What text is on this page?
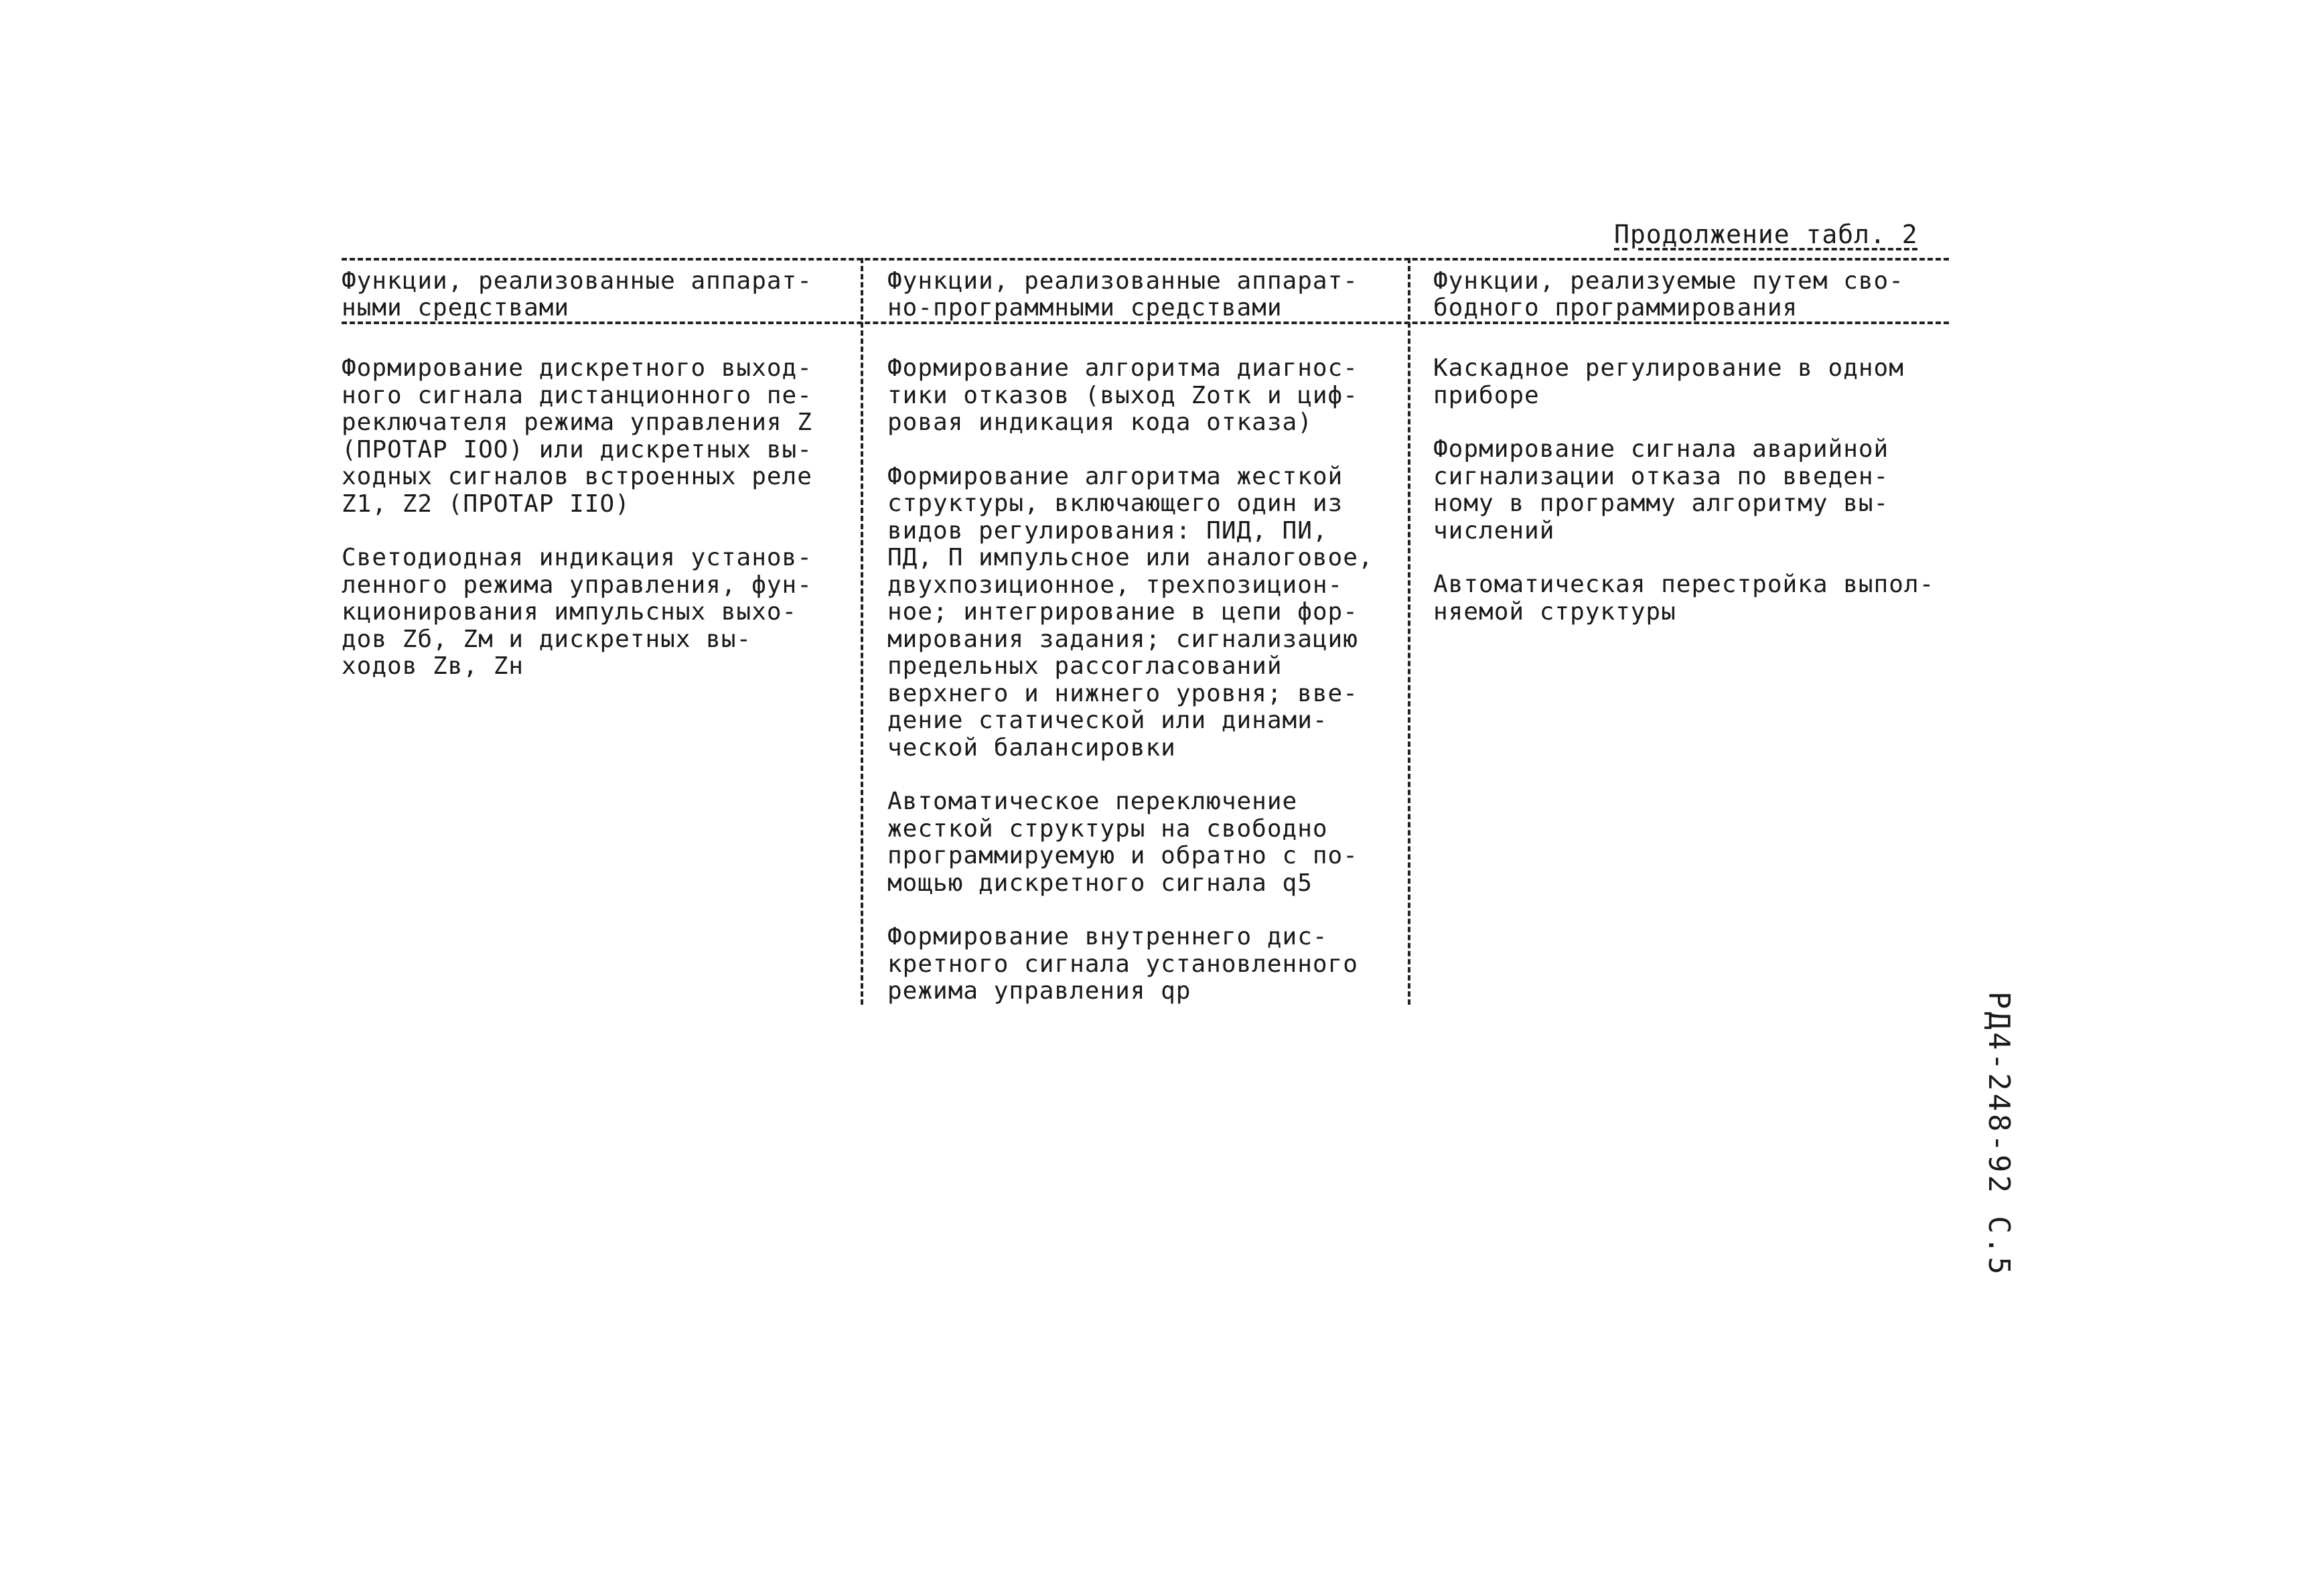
Продолжение табл. 2
Функции, реализованные аппарат-
ными средствами
Функции, реализованные аппарат-
но-программными средствами
Функции, реализуемые путем сво-
бодного программирования

Формирование дискретного выход-
ного сигнала дистанционного пе-
реключателя режима управления Z
(ПРОТАР IOO) или дискретных вы-
ходных сигналов встроенных реле
Z1, Z2 (ПРОТАР IIO)

Светодиодная индикация установ-
ленного режима управления, фун-
кционирования импульсных выхо-
дов Zб, Zм и дискретных вы-
ходов Zв, Zн

Формирование алгоритма диагнос-
тики отказов (выход Zотк и циф-
ровая индикация кода отказа)

Формирование алгоритма жесткой
структуры, включающего один из
видов регулирования: ПИД, ПИ,
ПД, П импульсное или аналоговое,
двухпозиционное, трехпозицион-
ное; интегрирование в цепи фор-
мирования задания; сигнализацию
предельных рассогласований
верхнего и нижнего уровня; вве-
дение статической или динами-
ческой балансировки

Автоматическое переключение
жесткой структуры на свободно
программируемую и обратно с по-
мощью дискретного сигнала q5

Формирование внутреннего дис-
кретного сигнала установленного
режима управления qр

Каскадное регулирование в одном
приборе

Формирование сигнала аварийной
сигнализации отказа по введен-
ному в программу алгоритму вы-
числений

Автоматическая перестройка выпол-
няемой структуры

РД4-248-92 С.5
